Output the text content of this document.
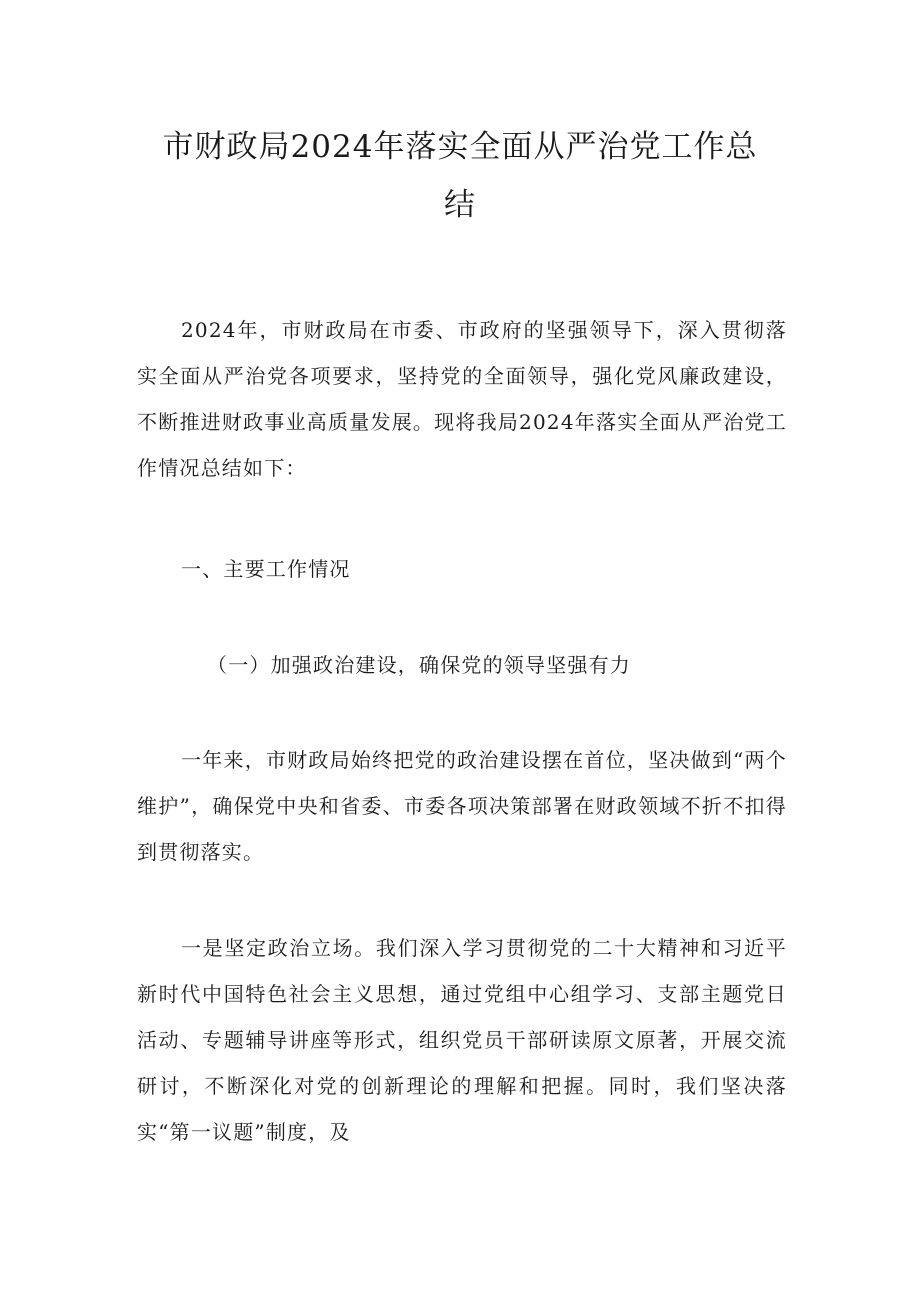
市财政局2024年落实全面从严治党工作总
结

2024年，市财政局在市委、市政府的坚强领导下，深入贯彻落实全面从严治党各项要求，坚持党的全面领导，强化党风廉政建设，不断推进财政事业高质量发展。现将我局2024年落实全面从严治党工作情况总结如下：

一、主要工作情况

（一）加强政治建设，确保党的领导坚强有力

一年来，市财政局始终把党的政治建设摆在首位，坚决做到“两个维护”，确保党中央和省委、市委各项决策部署在财政领域不折不扣得到贯彻落实。

一是坚定政治立场。我们深入学习贯彻党的二十大精神和习近平新时代中国特色社会主义思想，通过党组中心组学习、支部主题党日活动、专题辅导讲座等形式，组织党员干部研读原文原著，开展交流研讨，不断深化对党的创新理论的理解和把握。同时，我们坚决落实“第一议题”制度，及
